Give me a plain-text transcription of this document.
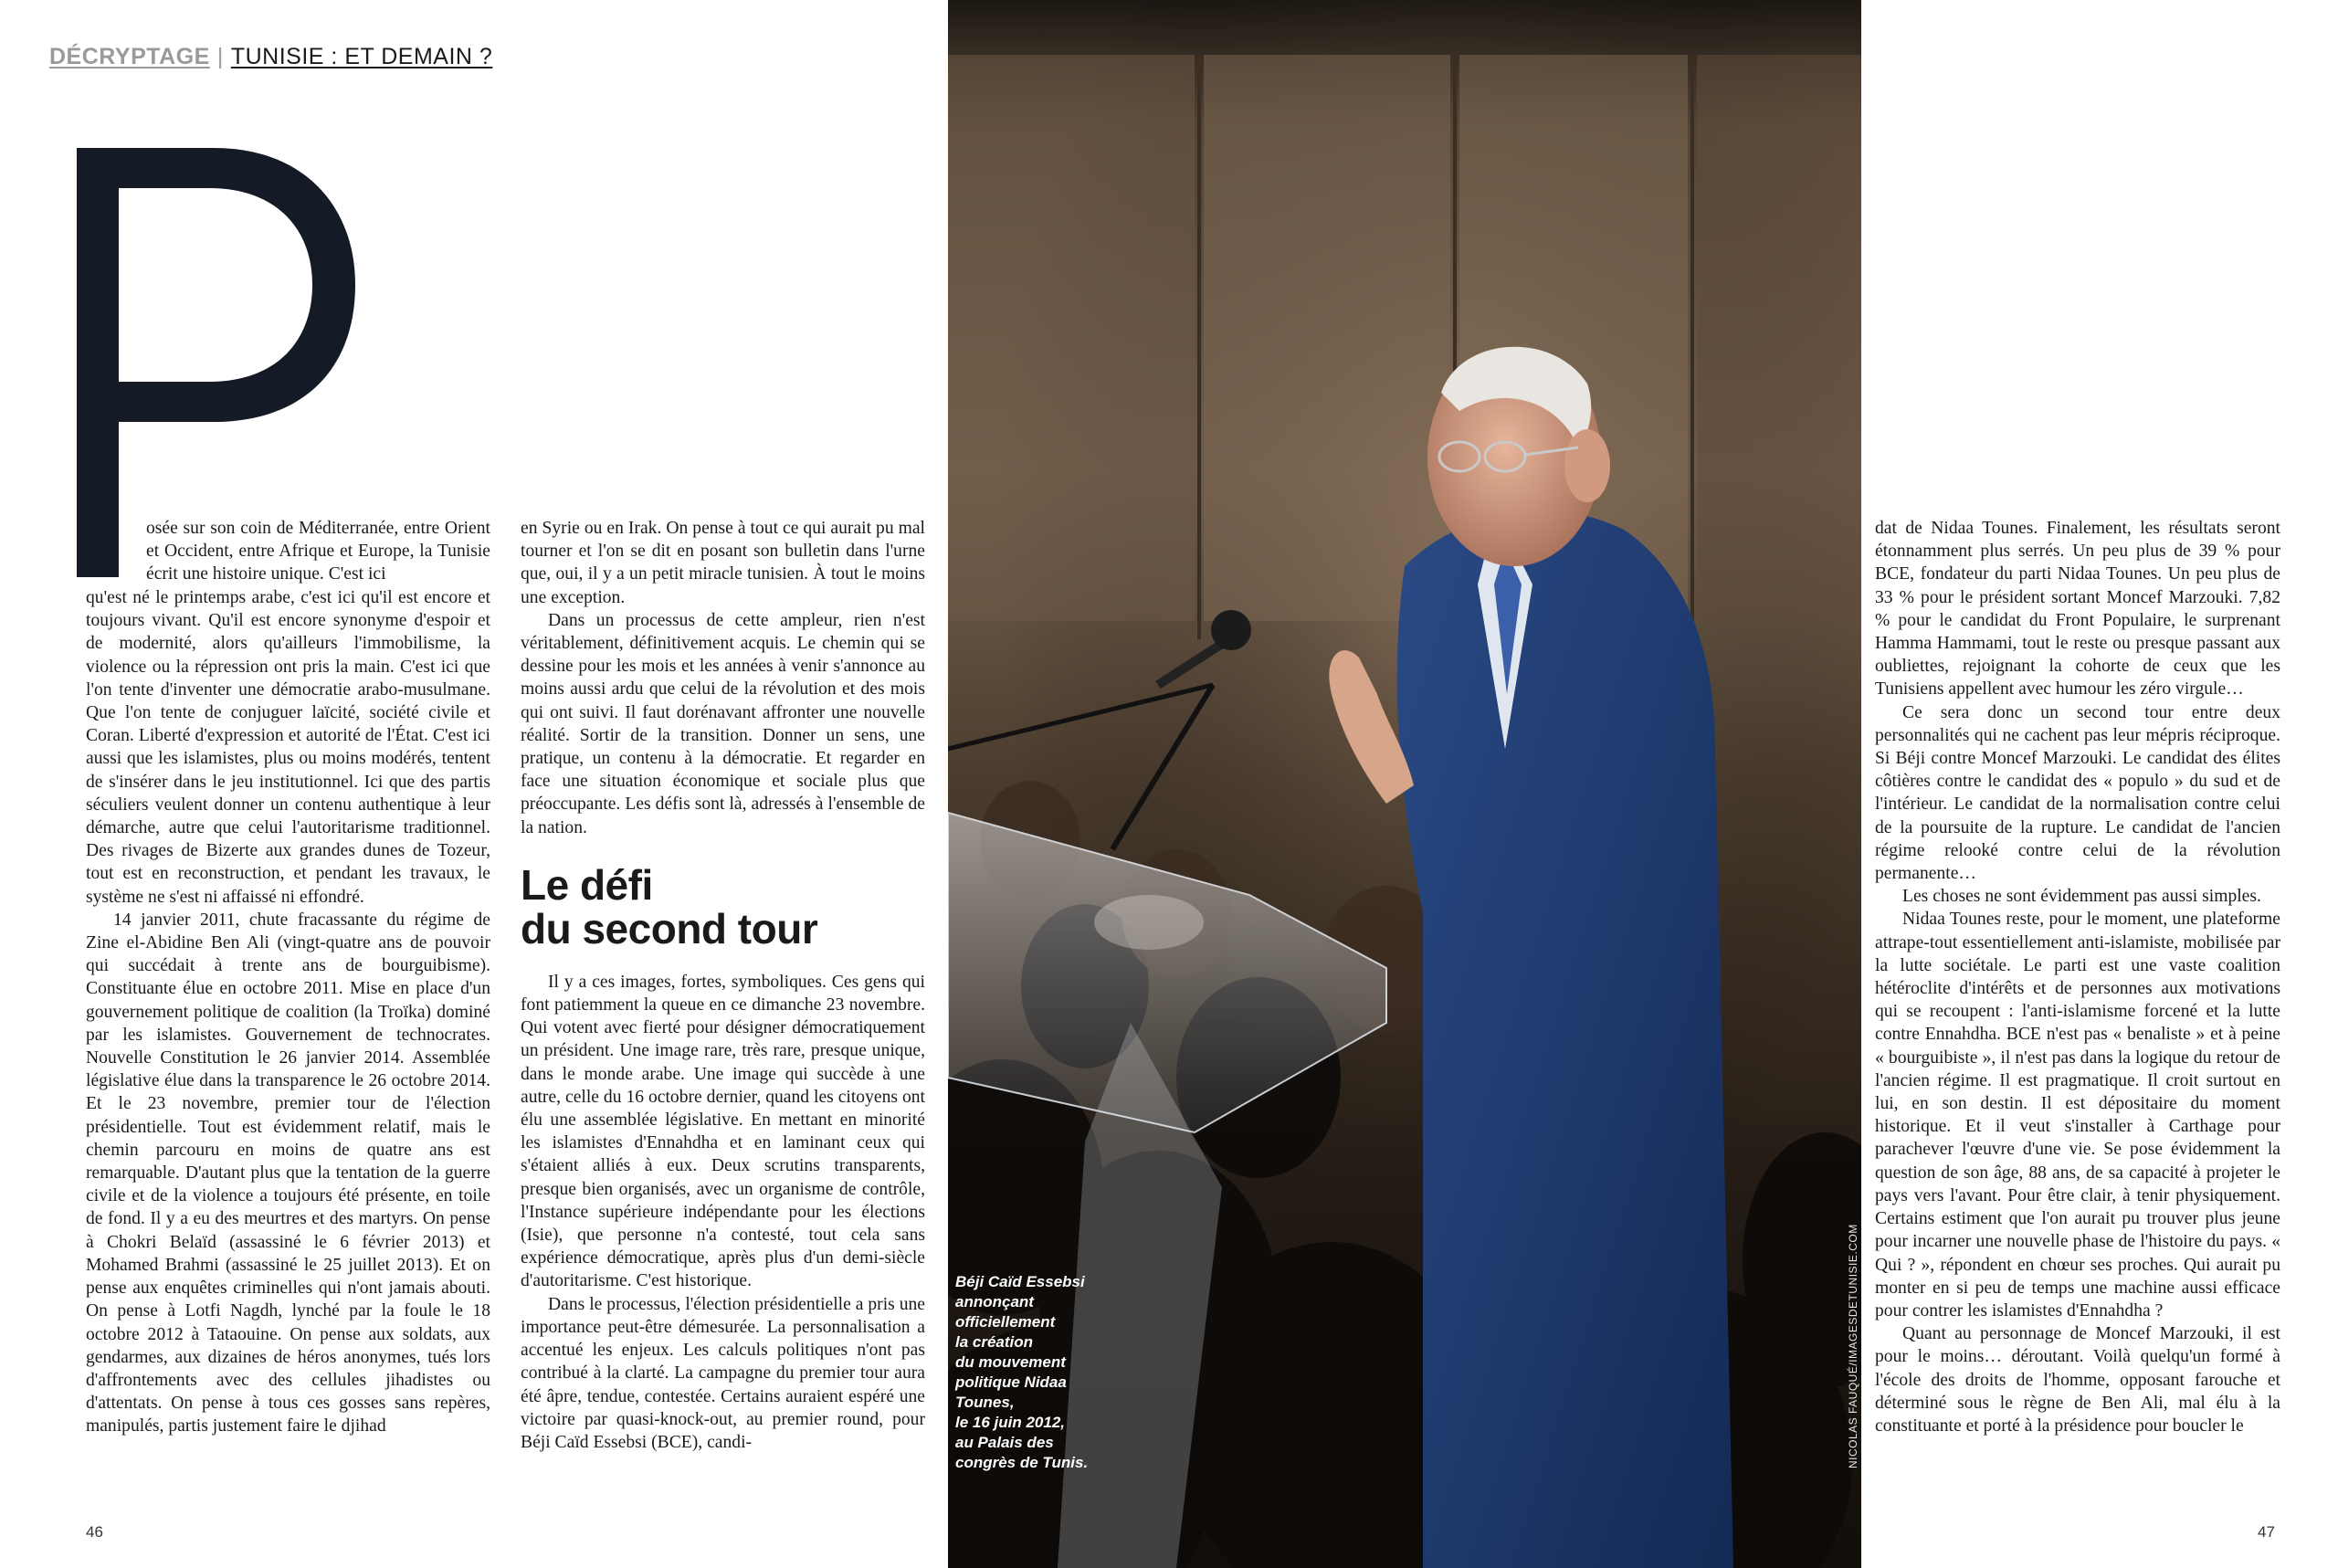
DÉCRYPTAGE | TUNISIE : ET DEMAIN ?

osée sur son coin de Méditerranée, entre Orient et Occident, entre Afrique et Europe, la Tunisie écrit une histoire unique. C'est ici

qu'est né le printemps arabe, c'est ici qu'il est encore et toujours vivant. Qu'il est encore synonyme d'espoir et de modernité, alors qu'ailleurs l'immobilisme, la violence ou la répression ont pris la main. C'est ici que l'on tente d'inventer une démocratie arabo-musulmane. Que l'on tente de conjuguer laïcité, société civile et Coran. Liberté d'expression et autorité de l'État. C'est ici aussi que les islamistes, plus ou moins modérés, tentent de s'insérer dans le jeu institutionnel. Ici que des partis séculiers veulent donner un contenu authentique à leur démarche, autre que celui l'autoritarisme traditionnel. Des rivages de Bizerte aux grandes dunes de Tozeur, tout est en reconstruction, et pendant les travaux, le système ne s'est ni affaissé ni effondré.

14 janvier 2011, chute fracassante du régime de Zine el-Abidine Ben Ali (vingt-quatre ans de pouvoir qui succédait à trente ans de bourguibisme). Constituante élue en octobre 2011. Mise en place d'un gouvernement politique de coalition (la Troïka) dominé par les islamistes. Gouvernement de technocrates. Nouvelle Constitution le 26 janvier 2014. Assemblée législative élue dans la transparence le 26 octobre 2014. Et le 23 novembre, premier tour de l'élection présidentielle. Tout est évidemment relatif, mais le chemin parcouru en moins de quatre ans est remarquable. D'autant plus que la tentation de la guerre civile et de la violence a toujours été présente, en toile de fond. Il y a eu des meurtres et des martyrs. On pense à Chokri Belaïd (assassiné le 6 février 2013) et Mohamed Brahmi (assassiné le 25 juillet 2013). Et on pense aux enquêtes criminelles qui n'ont jamais abouti. On pense à Lotfi Nagdh, lynché par la foule le 18 octobre 2012 à Tataouine. On pense aux soldats, aux gendarmes, aux dizaines de héros anonymes, tués lors d'affrontements avec des cellules jihadistes ou d'attentats. On pense à tous ces gosses sans repères, manipulés, partis justement faire le djihad

en Syrie ou en Irak. On pense à tout ce qui aurait pu mal tourner et l'on se dit en posant son bulletin dans l'urne que, oui, il y a un petit miracle tunisien. À tout le moins une exception.

Dans un processus de cette ampleur, rien n'est véritablement, définitivement acquis. Le chemin qui se dessine pour les mois et les années à venir s'annonce au moins aussi ardu que celui de la révolution et des mois qui ont suivi. Il faut dorénavant affronter une nouvelle réalité. Sortir de la transition. Donner un sens, une pratique, un contenu à la démocratie. Et regarder en face une situation économique et sociale plus que préoccupante. Les défis sont là, adressés à l'ensemble de la nation.

Le défi
du second tour

Il y a ces images, fortes, symboliques. Ces gens qui font patiemment la queue en ce dimanche 23 novembre. Qui votent avec fierté pour désigner démocratiquement un président. Une image rare, très rare, presque unique, dans le monde arabe. Une image qui succède à une autre, celle du 16 octobre dernier, quand les citoyens ont élu une assemblée législative. En mettant en minorité les islamistes d'Ennahdha et en laminant ceux qui s'étaient alliés à eux. Deux scrutins transparents, presque bien organisés, avec un organisme de contrôle, l'Instance supérieure indépendante pour les élections (Isie), que personne n'a contesté, tout cela sans expérience démocratique, après plus d'un demi-siècle d'autoritarisme. C'est historique.

Dans le processus, l'élection présidentielle a pris une importance peut-être démesurée. La personnalisation a accentué les enjeux. Les calculs politiques n'ont pas contribué à la clarté. La campagne du premier tour aura été âpre, tendue, contestée. Certains auraient espéré une victoire par quasi-knock-out, au premier round, pour Béji Caïd Essebsi (BCE), candi-

Béji Caïd Essebsi
annonçant
officiellement
la création
du mouvement
politique Nidaa
Tounes,
le 16 juin 2012,
au Palais des
congrès de Tunis.	NICOLAS FAUQUÉ/IMAGESDETUNISIE.COM

dat de Nidaa Tounes. Finalement, les résultats seront étonnamment plus serrés. Un peu plus de 39 % pour BCE, fondateur du parti Nidaa Tounes. Un peu plus de 33 % pour le président sortant Moncef Marzouki. 7,82 % pour le candidat du Front Populaire, le surprenant Hamma Hammami, tout le reste ou presque passant aux oubliettes, rejoignant la cohorte de ceux que les Tunisiens appellent avec humour les zéro virgule…

Ce sera donc un second tour entre deux personnalités qui ne cachent pas leur mépris réciproque. Si Béji contre Moncef Marzouki. Le candidat des élites côtières contre le candidat des « populo » du sud et de l'intérieur. Le candidat de la normalisation contre celui de la poursuite de la rupture. Le candidat de l'ancien régime relooké contre celui de la révolution permanente…

Les choses ne sont évidemment pas aussi simples.

Nidaa Tounes reste, pour le moment, une plateforme attrape-tout essentiellement anti-islamiste, mobilisée par la lutte sociétale. Le parti est une vaste coalition hétéroclite d'intérêts et de personnes aux motivations qui se recoupent : l'anti-islamisme forcené et la lutte contre Ennahdha. BCE n'est pas « benaliste » et à peine « bourguibiste », il n'est pas dans la logique du retour de l'ancien régime. Il est pragmatique. Il croit surtout en lui, en son destin. Il est dépositaire du moment historique. Et il veut s'installer à Carthage pour parachever l'œuvre d'une vie. Se pose évidemment la question de son âge, 88 ans, de sa capacité à projeter le pays vers l'avant. Pour être clair, à tenir physiquement. Certains estiment que l'on aurait pu trouver plus jeune pour incarner une nouvelle phase de l'histoire du pays. « Qui ? », répondent en chœur ses proches. Qui aurait pu monter en si peu de temps une machine aussi efficace pour contrer les islamistes d'Ennahdha ?

Quant au personnage de Moncef Marzouki, il est pour le moins… déroutant. Voilà quelqu'un formé à l'école des droits de l'homme, opposant farouche et déterminé sous le règne de Ben Ali, mal élu à la constituante et porté à la présidence pour boucler le

46	47
